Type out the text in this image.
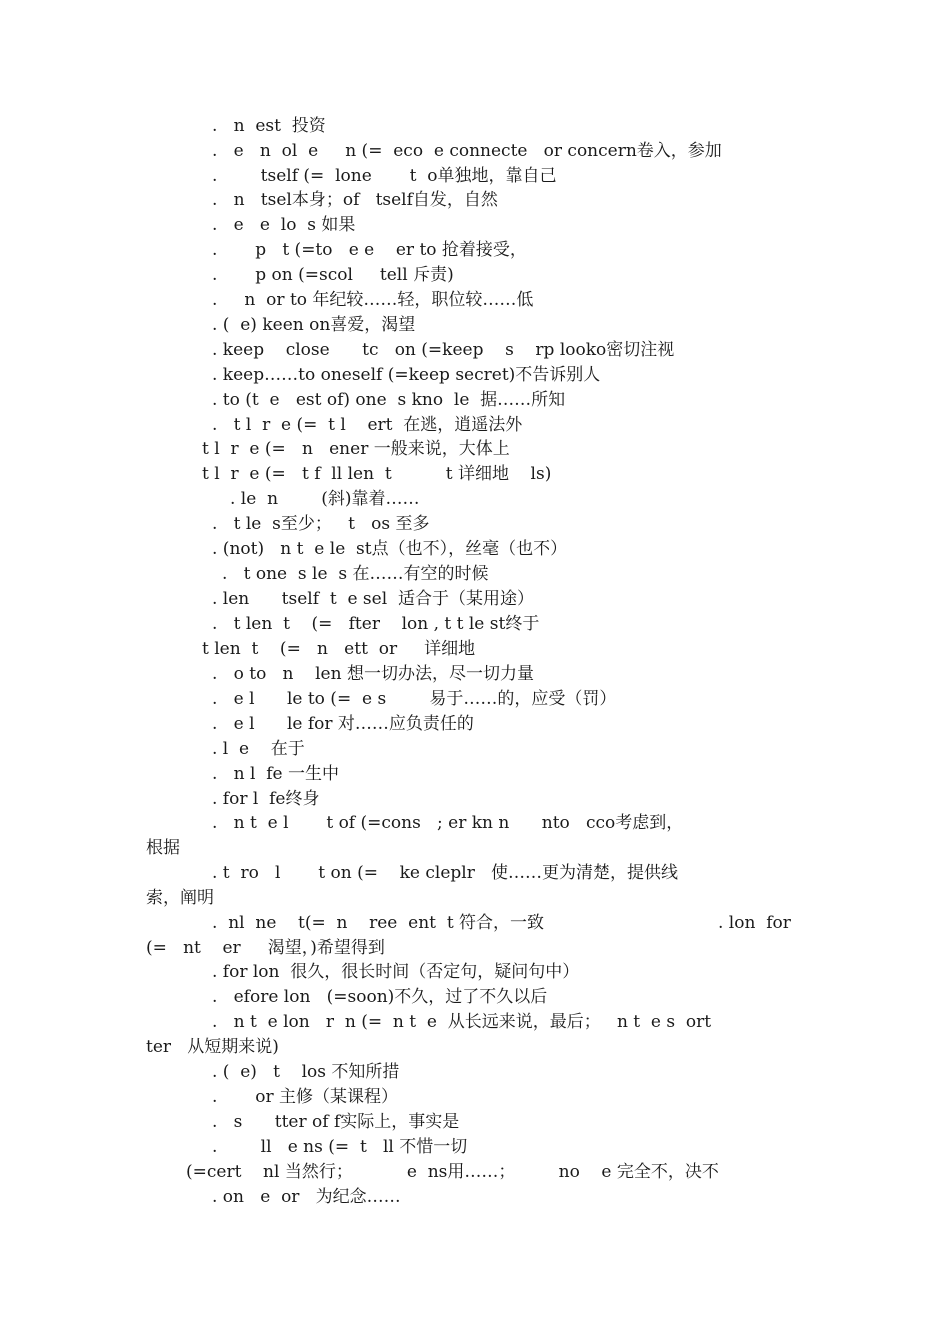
.   n  est  投资
.   e   n  ol  e     n (=  eco  e connecte   or concern卷入，参加
.        tself (=  lone       t  o单独地，靠自己
.   n   tsel本身；of   tself自发，自然
.   e   e  lo  s 如果
.       p   t (=to   e e    er to 抢着接受，
.       p on (=scol     tell 斥责)
.     n  or to 年纪较……轻，职位较……低
. (  e) keen on喜爱，渴望
. keep    close      tc   on (=keep    s    rp looko密切注视
. keep……to oneself (=keep secret)不告诉别人
. to (t  e   est of) one  s kno  le  据……所知
.   t l  r  e (=  t l    ert  在逃，逍遥法外
t l  r  e (=   n   ener 一般来说，大体上
t l  r  e (=   t f  ll len  t          t 详细地    ls)
. le  n        (斜)靠着……
.   t le  s至少；   t   os 至多
. (not)   n t  e le  st点（也不），丝毫（也不）
.   t one  s le  s 在……有空的时候
. len      tself  t  e sel  适合于（某用途）
.   t len  t    (=   fter    lon , t t le st终于
t len  t    (=   n   ett  or     详细地
.   o to   n    len 想一切办法，尽一切力量
.   e l      le to (=  e s        易于……的，应受（罚）
.   e l      le for 对……应负责任的
. l  e    在于
.   n l  fe 一生中
. for l  fe终身
.   n t  e l       t of (=cons   ; er kn n      nto   cco考虑到，
根据
. t  ro   l       t on (=    ke cleplr   使……更为清楚，提供线
索，阐明
.  nl  ne    t(=  n    ree  ent  t 符合，一致	. lon  for
(=   nt    er     渴望，)希望得到
. for lon  很久，很长时间（否定句，疑问句中）
.   efore lon   (=soon)不久，过了不久以后
.   n t  e lon   r  n (=  n t  e  从长远来说，最后；   n t  e s  ort
ter   从短期来说)
. (  e)   t    los 不知所措
.       or 主修（某课程）
.   s      tter of f实际上，事实是
.        ll   e ns (=  t   ll 不惜一切
(=cert    nl 当然行；          e  ns用……；        no    e 完全不，决不
. on   e  or   为纪念……
